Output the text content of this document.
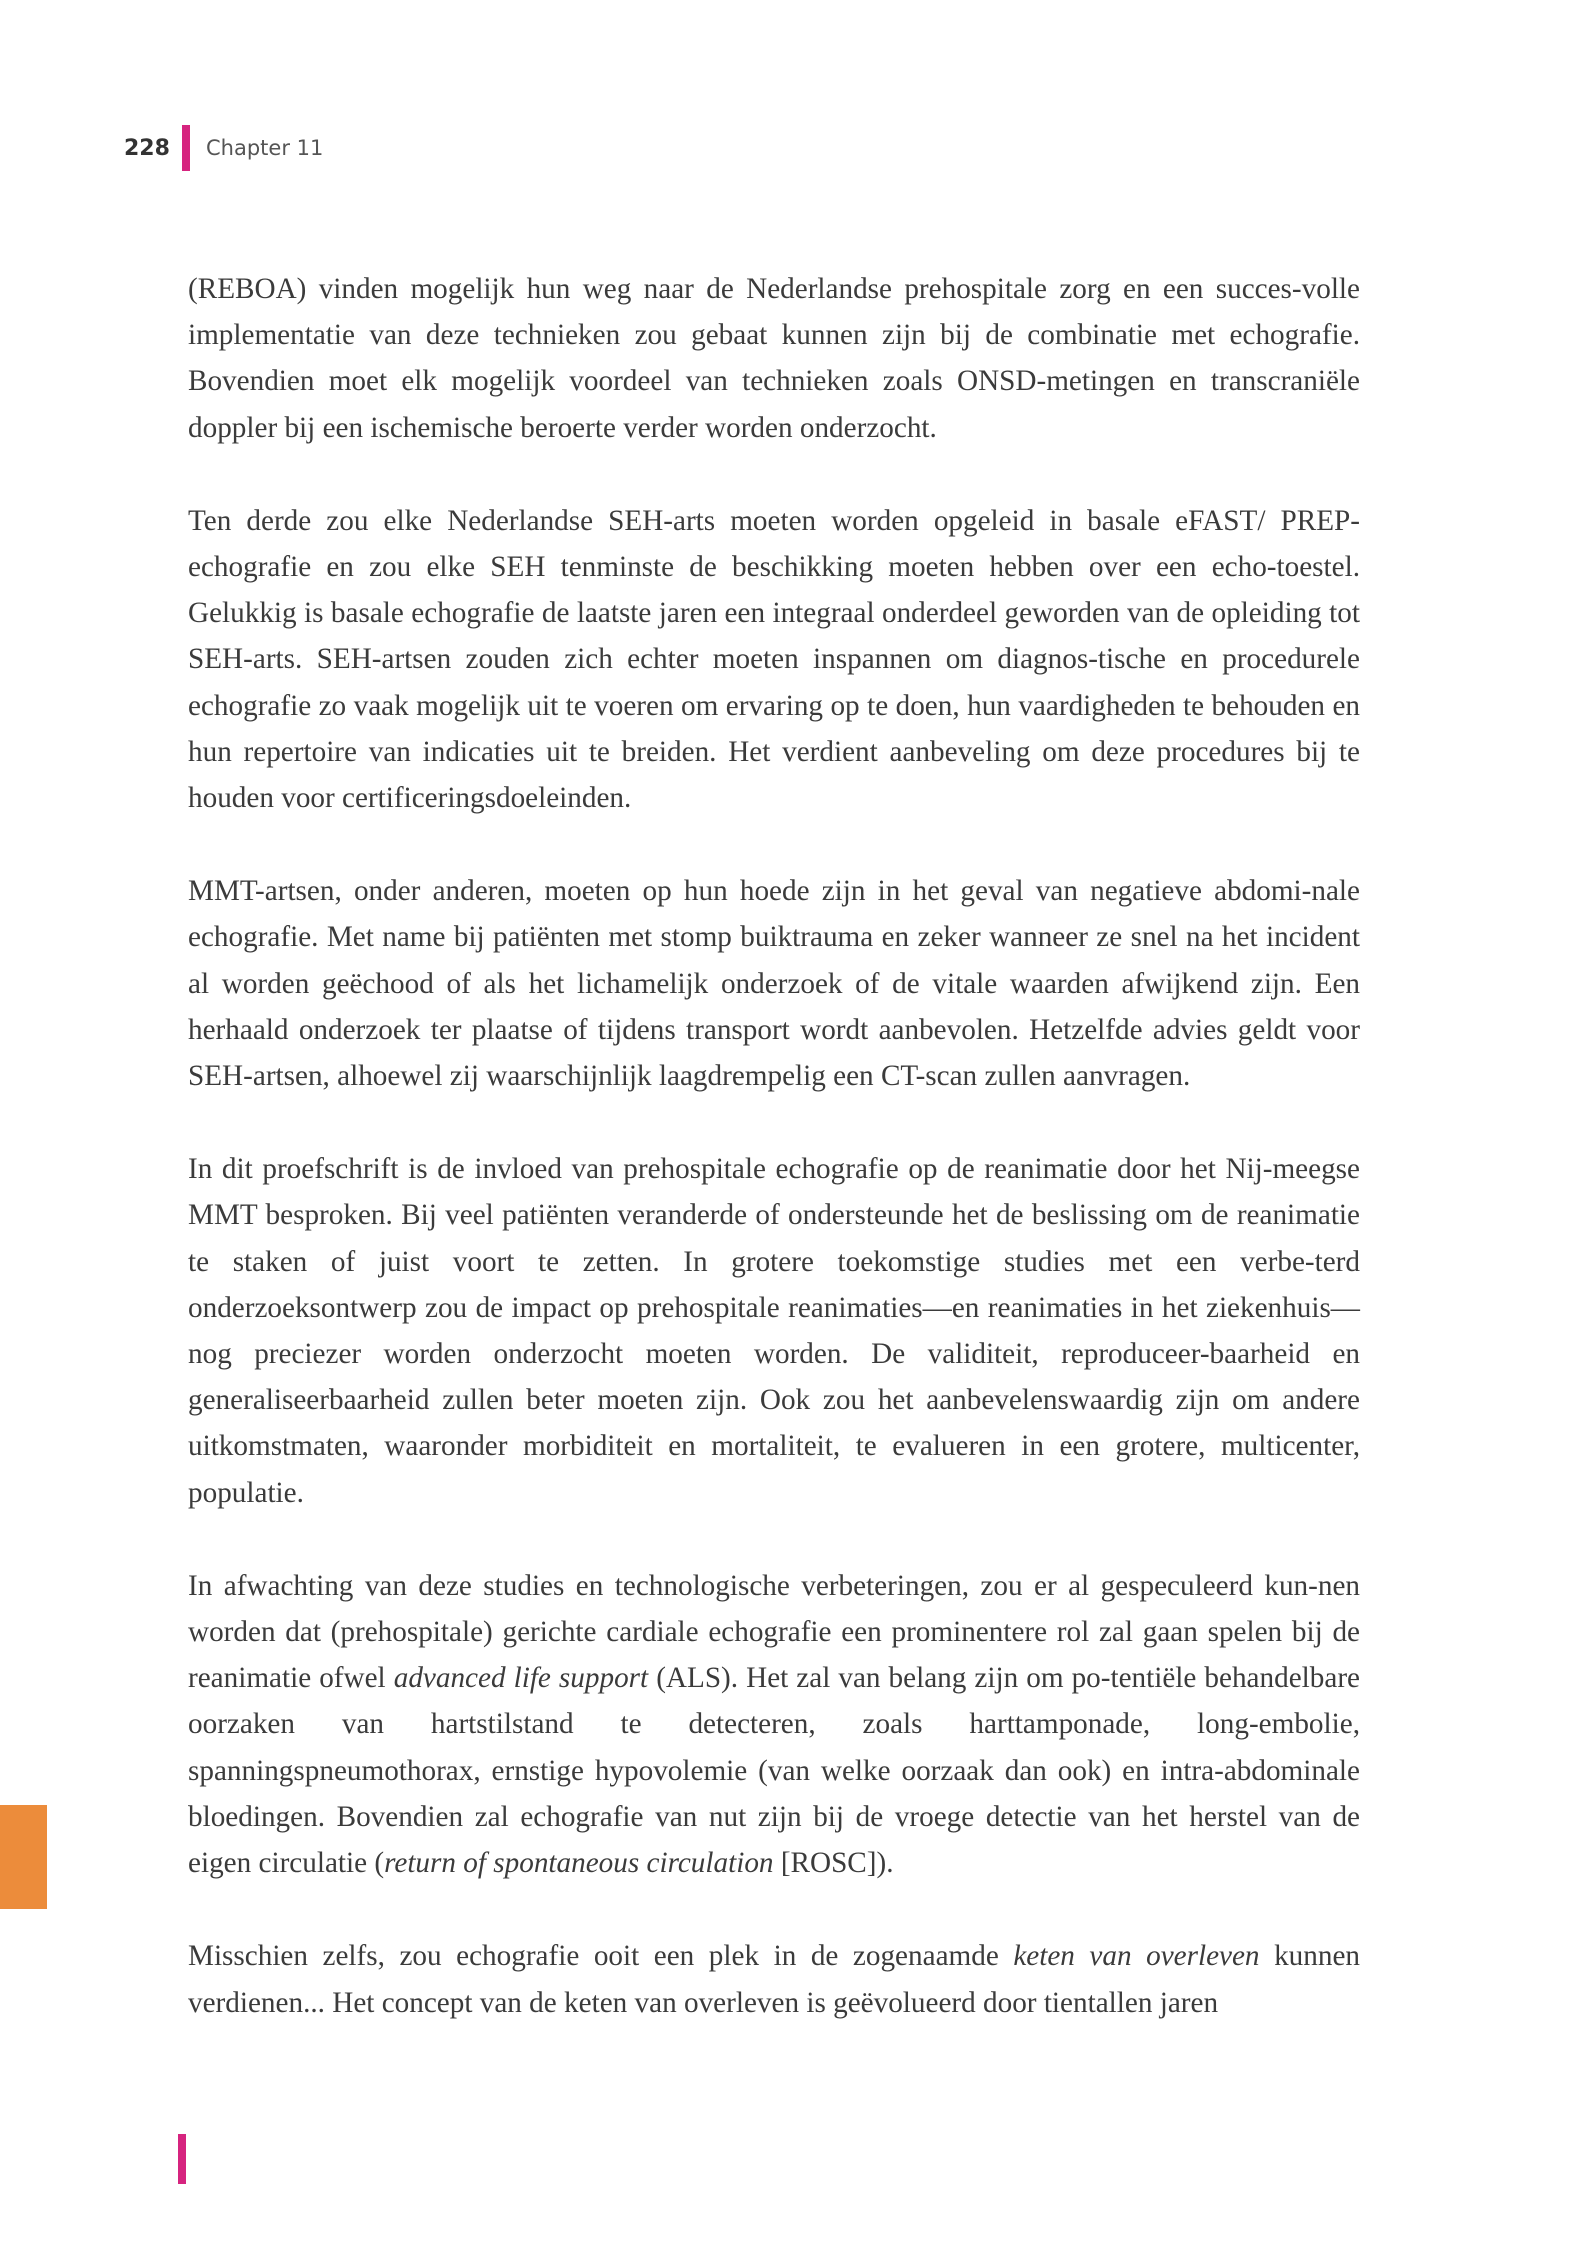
228 Chapter 11

(REBOA) vinden mogelijk hun weg naar de Nederlandse prehospitale zorg en een succes-volle implementatie van deze technieken zou gebaat kunnen zijn bij de combinatie met echografie. Bovendien moet elk mogelijk voordeel van technieken zoals ONSD-metingen en transcraniële doppler bij een ischemische beroerte verder worden onderzocht.

Ten derde zou elke Nederlandse SEH-arts moeten worden opgeleid in basale eFAST/ PREP-echografie en zou elke SEH tenminste de beschikking moeten hebben over een echo-toestel. Gelukkig is basale echografie de laatste jaren een integraal onderdeel geworden van de opleiding tot SEH-arts. SEH-artsen zouden zich echter moeten inspannen om diagnos-tische en procedurele echografie zo vaak mogelijk uit te voeren om ervaring op te doen, hun vaardigheden te behouden en hun repertoire van indicaties uit te breiden. Het verdient aanbeveling om deze procedures bij te houden voor certificeringsdoeleinden.

MMT-artsen, onder anderen, moeten op hun hoede zijn in het geval van negatieve abdomi-nale echografie. Met name bij patiënten met stomp buiktrauma en zeker wanneer ze snel na het incident al worden geëchood of als het lichamelijk onderzoek of de vitale waarden afwijkend zijn. Een herhaald onderzoek ter plaatse of tijdens transport wordt aanbevolen. Hetzelfde advies geldt voor SEH-artsen, alhoewel zij waarschijnlijk laagdrempelig een CT-scan zullen aanvragen.

In dit proefschrift is de invloed van prehospitale echografie op de reanimatie door het Nij-meegse MMT besproken. Bij veel patiënten veranderde of ondersteunde het de beslissing om de reanimatie te staken of juist voort te zetten. In grotere toekomstige studies met een verbe-terd onderzoeksontwerp zou de impact op prehospitale reanimaties—en reanimaties in het ziekenhuis—nog preciezer worden onderzocht moeten worden. De validiteit, reproduceer-baarheid en generaliseerbaarheid zullen beter moeten zijn. Ook zou het aanbevelenswaardig zijn om andere uitkomstmaten, waaronder morbiditeit en mortaliteit, te evalueren in een grotere, multicenter, populatie.

In afwachting van deze studies en technologische verbeteringen, zou er al gespeculeerd kun-nen worden dat (prehospitale) gerichte cardiale echografie een prominentere rol zal gaan spelen bij de reanimatie ofwel advanced life support (ALS). Het zal van belang zijn om po-tentiële behandelbare oorzaken van hartstilstand te detecteren, zoals harttamponade, long-embolie, spanningspneumothorax, ernstige hypovolemie (van welke oorzaak dan ook) en intra-abdominale bloedingen. Bovendien zal echografie van nut zijn bij de vroege detectie van het herstel van de eigen circulatie (return of spontaneous circulation [ROSC]).

Misschien zelfs, zou echografie ooit een plek in de zogenaamde keten van overleven kunnen verdienen... Het concept van de keten van overleven is geëvolueerd door tientallen jaren
